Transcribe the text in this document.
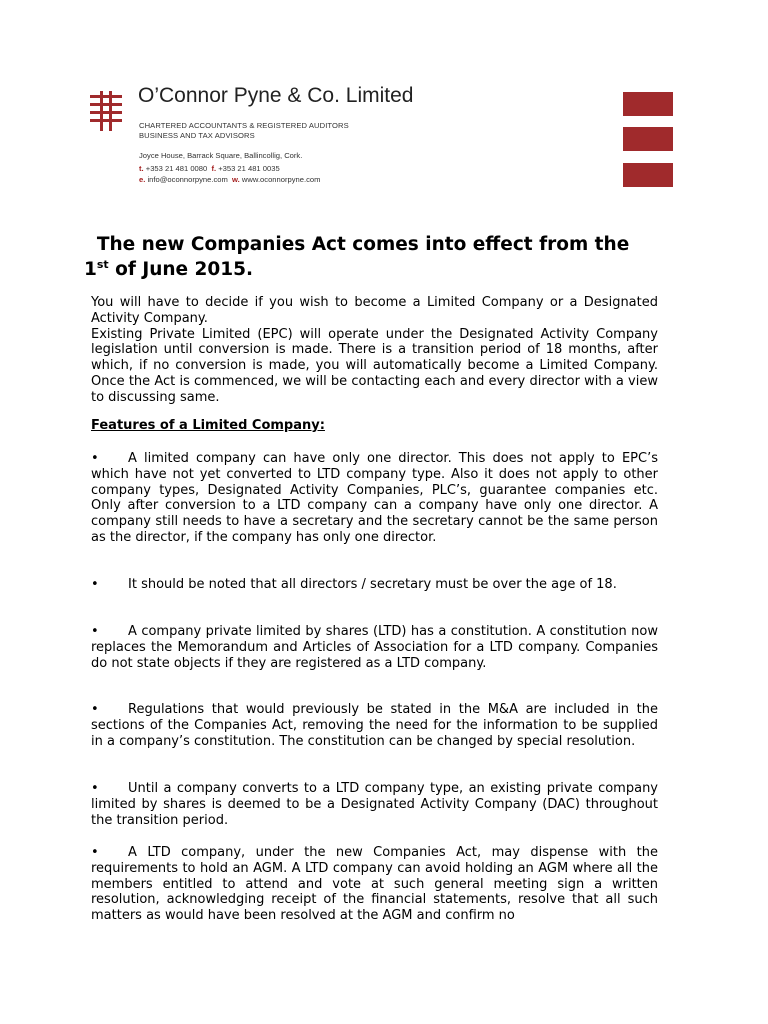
O’Connor Pyne & Co. Limited

CHARTERED ACCOUNTANTS & REGISTERED AUDITORS

BUSINESS AND TAX ADVISORS

Joyce House, Barrack Square, Ballincollig, Cork.

t. +353 21 481 0080 f. +353 21 481 0035

e. info@oconnorpyne.com w. www.oconnorpyne.com

The new Companies Act comes into effect from the
1st of June 2015.

You will have to decide if you wish to become a Limited Company or a Designated Activity Company.

Existing Private Limited (EPC) will operate under the Designated Activity Company legislation until conversion is made. There is a transition period of 18 months, after which, if no conversion is made, you will automatically become a Limited Company. Once the Act is commenced, we will be contacting each and every director with a view to discussing same.

Features of a Limited Company:

• A limited company can have only one director. This does not apply to EPC’s which have not yet converted to LTD company type. Also it does not apply to other company types, Designated Activity Companies, PLC’s, guarantee companies etc. Only after conversion to a LTD company can a company have only one director. A company still needs to have a secretary and the secretary cannot be the same person as the director, if the company has only one director.

• It should be noted that all directors / secretary must be over the age of 18.

• A company private limited by shares (LTD) has a constitution. A constitution now replaces the Memorandum and Articles of Association for a LTD company. Companies do not state objects if they are registered as a LTD company.

• Regulations that would previously be stated in the M&A are included in the sections of the Companies Act, removing the need for the information to be supplied in a company’s constitution. The constitution can be changed by special resolution.

• Until a company converts to a LTD company type, an existing private company limited by shares is deemed to be a Designated Activity Company (DAC) throughout the transition period.

• A LTD company, under the new Companies Act, may dispense with the requirements to hold an AGM. A LTD company can avoid holding an AGM where all the members entitled to attend and vote at such general meeting sign a written resolution, acknowledging receipt of the financial statements, resolve that all such matters as would have been resolved at the AGM and confirm no
